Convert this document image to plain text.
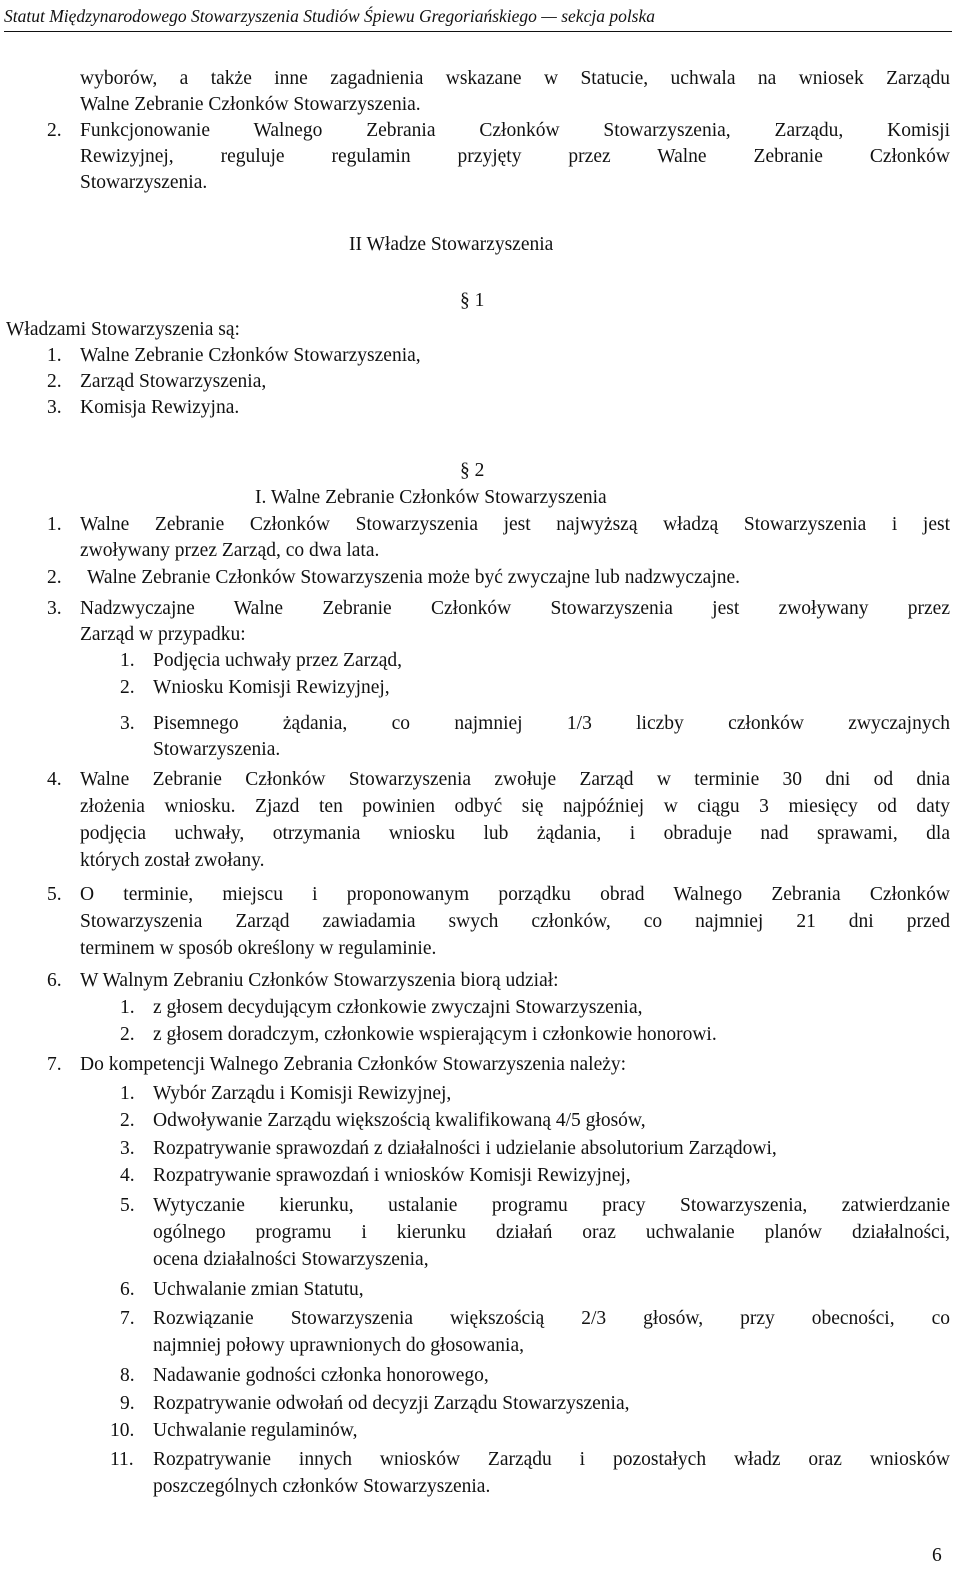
Statut Międzynarodowego Stowarzyszenia Studiów Śpiewu Gregoriańskiego — sekcja polska
wyborów, a także inne zagadnienia wskazane w Statucie, uchwala na wniosek Zarządu
Walne Zebranie Członków Stowarzyszenia.
2. Funkcjonowanie Walnego Zebrania Członków Stowarzyszenia, Zarządu, Komisji
Rewizyjnej, reguluje regulamin przyjęty przez Walne Zebranie Członków
Stowarzyszenia.
II Władze Stowarzyszenia
§ 1
Władzami Stowarzyszenia są:
1. Walne Zebranie Członków Stowarzyszenia,
2. Zarząd Stowarzyszenia,
3. Komisja Rewizyjna.
§ 2
I. Walne Zebranie Członków Stowarzyszenia
1. Walne Zebranie Członków Stowarzyszenia jest najwyższą władzą Stowarzyszenia i jest
zwoływany przez Zarząd, co dwa lata.
2. Walne Zebranie Członków Stowarzyszenia może być zwyczajne lub nadzwyczajne.
3. Nadzwyczajne Walne Zebranie Członków Stowarzyszenia jest zwoływany przez
Zarząd w przypadku:
1. Podjęcia uchwały przez Zarząd,
2. Wniosku Komisji Rewizyjnej,
3. Pisemnego żądania, co najmniej 1/3 liczby członków zwyczajnych
Stowarzyszenia.
4. Walne Zebranie Członków Stowarzyszenia zwołuje Zarząd w terminie 30 dni od dnia
złożenia wniosku. Zjazd ten powinien odbyć się najpóźniej w ciągu 3 miesięcy od daty
podjęcia uchwały, otrzymania wniosku lub żądania, i obraduje nad sprawami, dla
których został zwołany.
5. O terminie, miejscu i proponowanym porządku obrad Walnego Zebrania Członków
Stowarzyszenia Zarząd zawiadamia swych członków, co najmniej 21 dni przed
terminem w sposób określony w regulaminie.
6. W Walnym Zebraniu Członków Stowarzyszenia biorą udział:
1. z głosem decydującym członkowie zwyczajni Stowarzyszenia,
2. z głosem doradczym, członkowie wspierającym i członkowie honorowi.
7. Do kompetencji Walnego Zebrania Członków Stowarzyszenia należy:
1. Wybór Zarządu i Komisji Rewizyjnej,
2. Odwoływanie Zarządu większością kwalifikowaną 4/5 głosów,
3. Rozpatrywanie sprawozdań z działalności i udzielanie absolutorium Zarządowi,
4. Rozpatrywanie sprawozdań i wniosków Komisji Rewizyjnej,
5. Wytyczanie kierunku, ustalanie programu pracy Stowarzyszenia, zatwierdzanie
ogólnego programu i kierunku działań oraz uchwalanie planów działalności,
ocena działalności Stowarzyszenia,
6. Uchwalanie zmian Statutu,
7. Rozwiązanie Stowarzyszenia większością 2/3 głosów, przy obecności, co
najmniej połowy uprawnionych do głosowania,
8. Nadawanie godności członka honorowego,
9. Rozpatrywanie odwołań od decyzji Zarządu Stowarzyszenia,
10. Uchwalanie regulaminów,
11. Rozpatrywanie innych wniosków Zarządu i pozostałych władz oraz wniosków
poszczególnych członków Stowarzyszenia.
6
